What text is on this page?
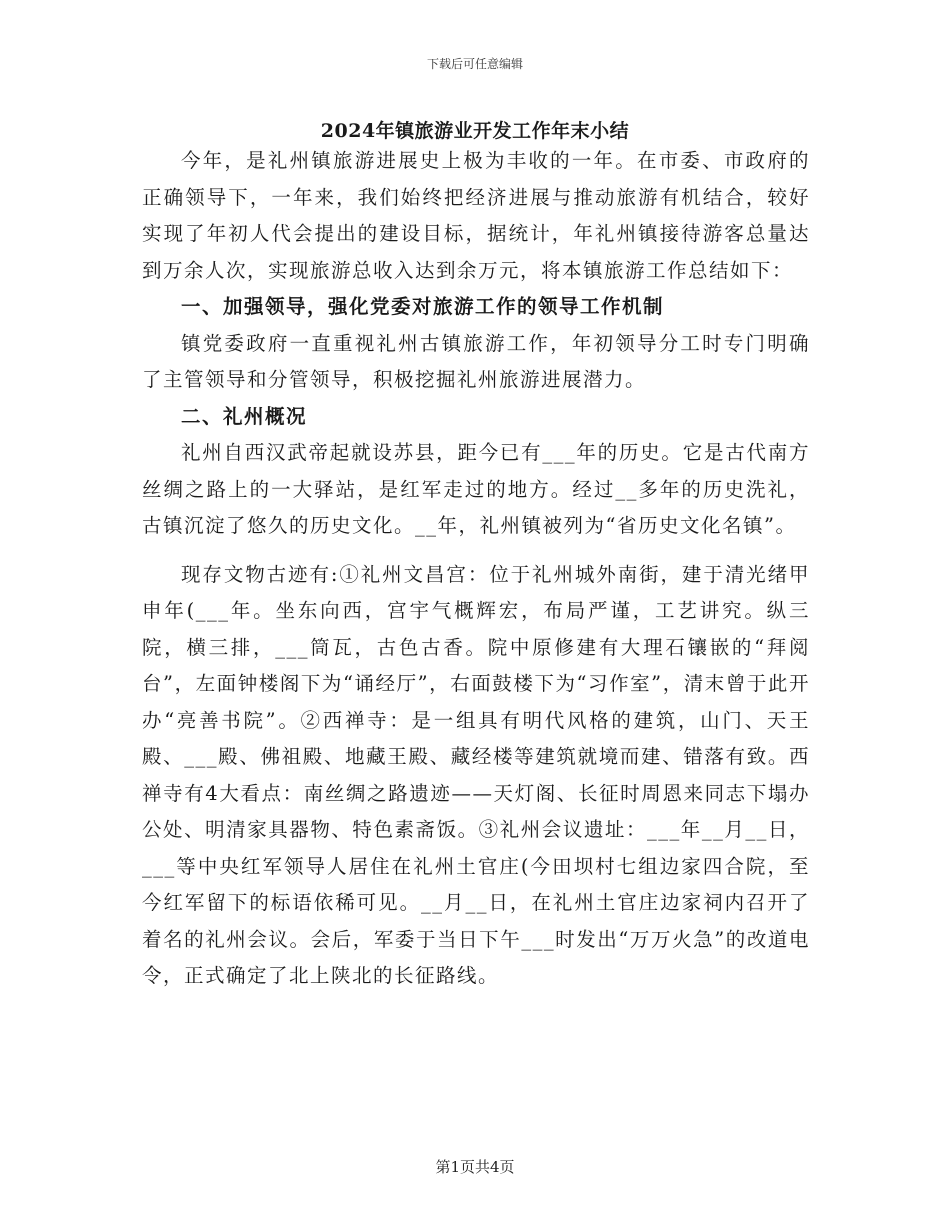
下载后可任意编辑
2024年镇旅游业开发工作年末小结

今年，是礼州镇旅游进展史上极为丰收的一年。在市委、市政府的正确领导下，一年来，我们始终把经济进展与推动旅游有机结合，较好实现了年初人代会提出的建设目标，据统计，年礼州镇接待游客总量达到万余人次，实现旅游总收入达到余万元，将本镇旅游工作总结如下：

一、加强领导，强化党委对旅游工作的领导工作机制

镇党委政府一直重视礼州古镇旅游工作，年初领导分工时专门明确了主管领导和分管领导，积极挖掘礼州旅游进展潜力。

二、礼州概况

礼州自西汉武帝起就设苏县，距今已有___年的历史。它是古代南方丝绸之路上的一大驿站，是红军走过的地方。经过__多年的历史洗礼，古镇沉淀了悠久的历史文化。__年，礼州镇被列为“省历史文化名镇”。

现存文物古迹有:①礼州文昌宫：位于礼州城外南街，建于清光绪甲申年(___年。坐东向西，宫宇气概辉宏，布局严谨，工艺讲究。纵三院，横三排，___筒瓦，古色古香。院中原修建有大理石镶嵌的“拜阅台”，左面钟楼阁下为“诵经厅”，右面鼓楼下为“习作室”，清末曾于此开办“亮善书院”。②西禅寺：是一组具有明代风格的建筑，山门、天王殿、___殿、佛祖殿、地藏王殿、藏经楼等建筑就境而建、错落有致。西禅寺有4大看点：南丝绸之路遗迹——天灯阁、长征时周恩来同志下塌办公处、明清家具器物、特色素斋饭。③礼州会议遗址：___年__月__日，___等中央红军领导人居住在礼州土官庄(今田坝村七组边家四合院，至今红军留下的标语依稀可见。__月__日，在礼州土官庄边家祠内召开了着名的礼州会议。会后，军委于当日下午___时发出“万万火急”的改道电令，正式确定了北上陕北的长征路线。

第1页共4页
